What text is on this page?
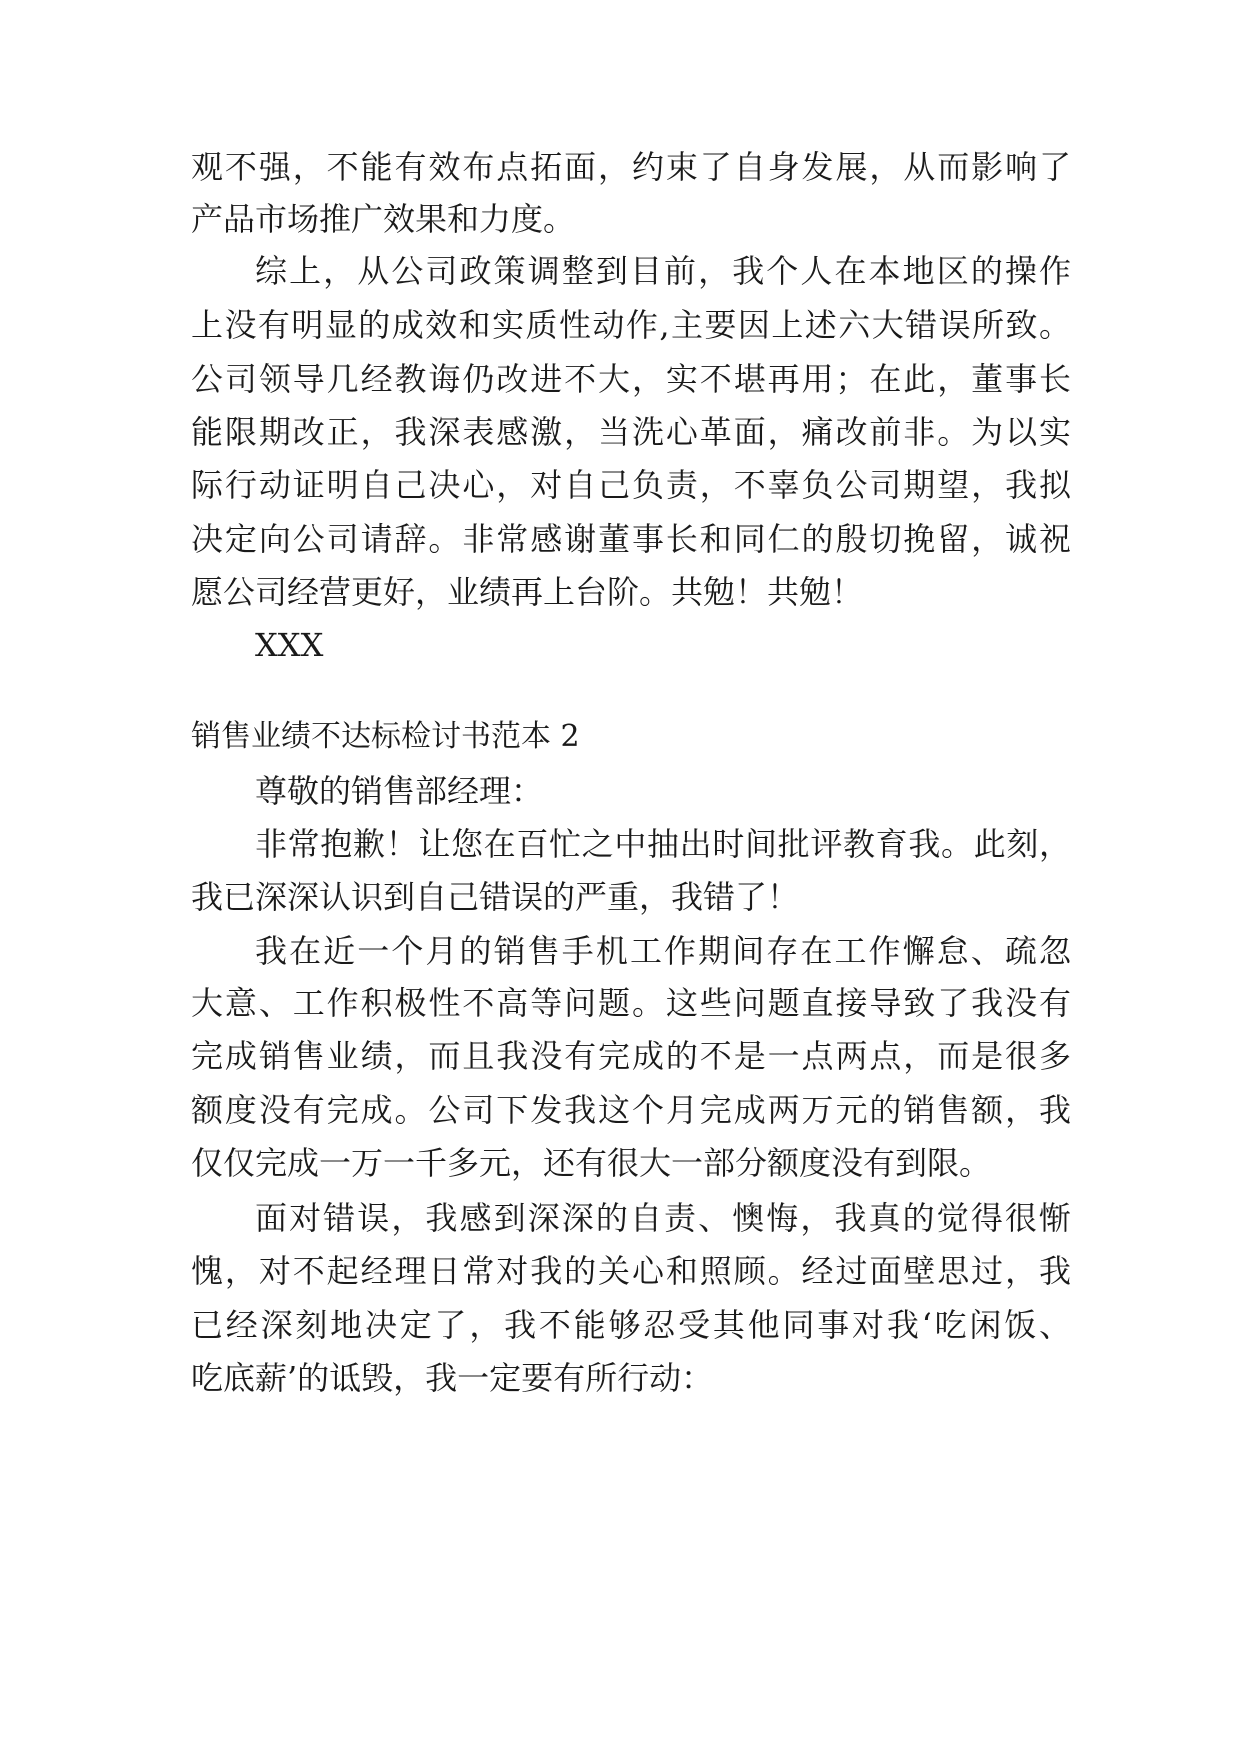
观不强，不能有效布点拓面，约束了自身发展，从而影响了
产品市场推广效果和力度。
综上，从公司政策调整到目前，我个人在本地区的操作
上没有明显的成效和实质性动作,主要因上述六大错误所致。
公司领导几经教诲仍改进不大，实不堪再用；在此，董事长
能限期改正，我深表感激，当洗心革面，痛改前非。为以实
际行动证明自己决心，对自己负责，不辜负公司期望，我拟
决定向公司请辞。非常感谢董事长和同仁的殷切挽留，诚祝
愿公司经营更好，业绩再上台阶。共勉！共勉！
XXX
销售业绩不达标检讨书范本 2
尊敬的销售部经理：
非常抱歉！让您在百忙之中抽出时间批评教育我。此刻，
我已深深认识到自己错误的严重，我错了！
我在近一个月的销售手机工作期间存在工作懈怠、疏忽
大意、工作积极性不高等问题。这些问题直接导致了我没有
完成销售业绩，而且我没有完成的不是一点两点，而是很多
额度没有完成。公司下发我这个月完成两万元的销售额，我
仅仅完成一万一千多元，还有很大一部分额度没有到限。
面对错误，我感到深深的自责、懊悔，我真的觉得很惭
愧，对不起经理日常对我的关心和照顾。经过面壁思过，我
已经深刻地决定了，我不能够忍受其他同事对我‘吃闲饭、
吃底薪’的诋毁，我一定要有所行动：
